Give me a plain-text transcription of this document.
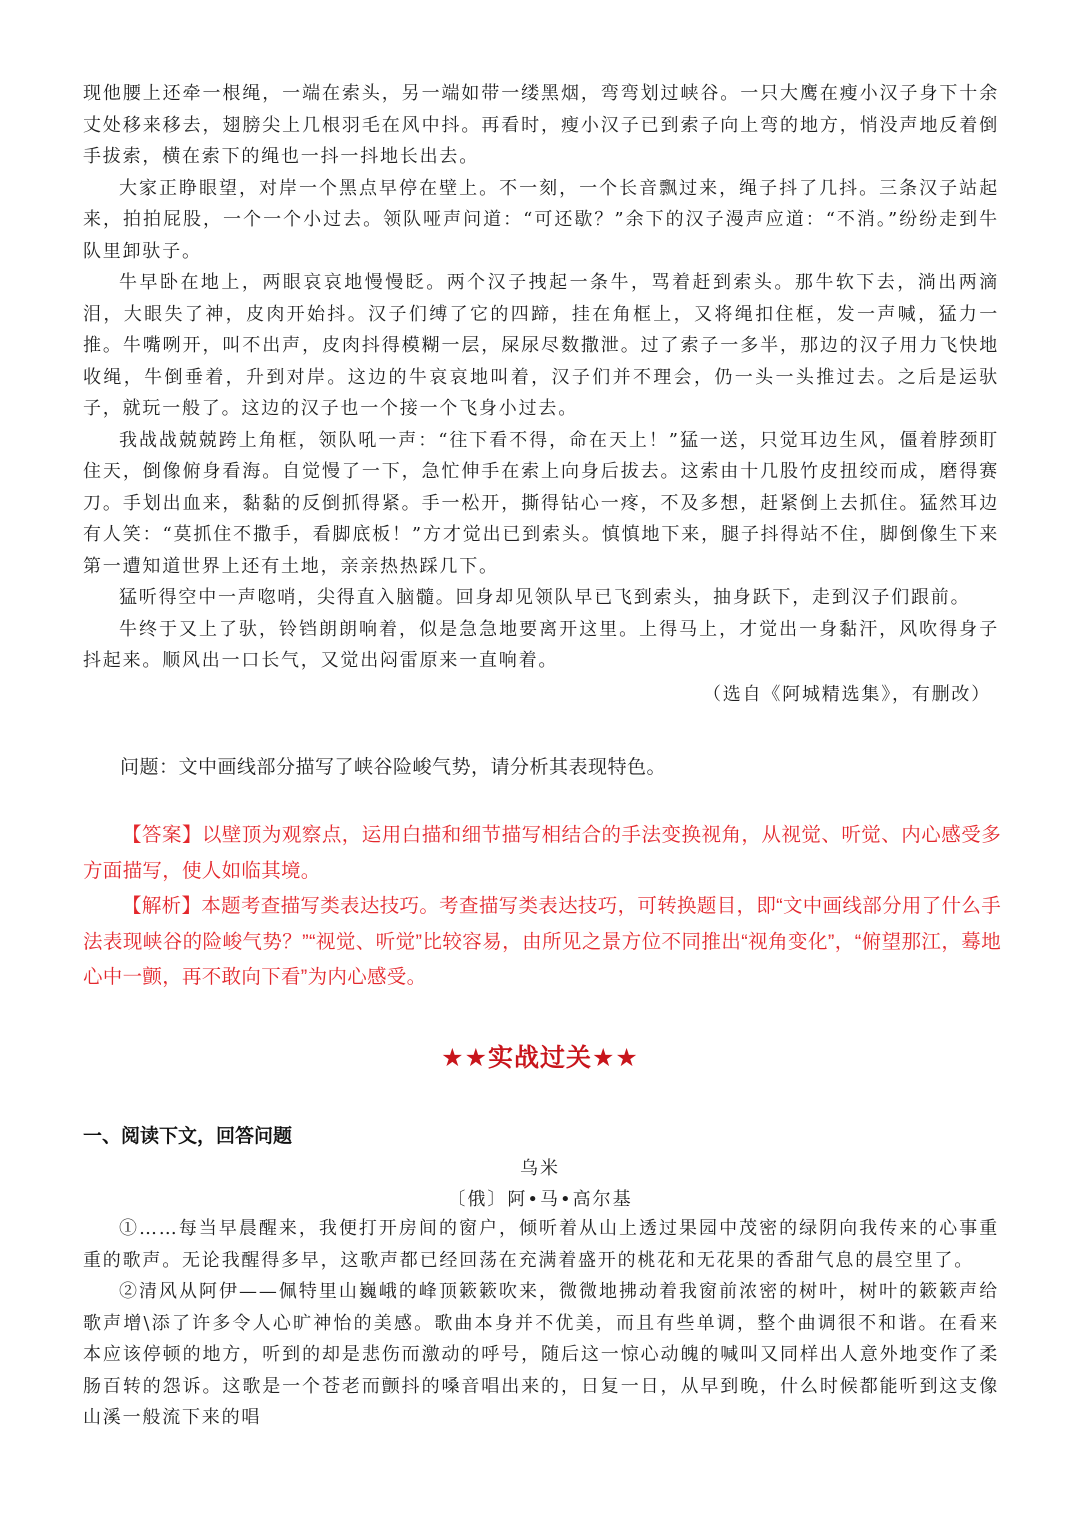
现他腰上还牵一根绳，一端在索头，另一端如带一缕黑烟，弯弯划过峡谷。一只大鹰在瘦小汉子身下十余丈处移来移去，翅膀尖上几根羽毛在风中抖。再看时，瘦小汉子已到索子向上弯的地方，悄没声地反着倒手拔索，横在索下的绳也一抖一抖地长出去。

大家正睁眼望，对岸一个黑点早停在壁上。不一刻，一个长音飘过来，绳子抖了几抖。三条汉子站起来，拍拍屁股，一个一个小过去。领队哑声问道：“可还歇？”余下的汉子漫声应道：“不消。”纷纷走到牛队里卸驮子。

牛早卧在地上，两眼哀哀地慢慢眨。两个汉子拽起一条牛，骂着赶到索头。那牛软下去，淌出两滴泪，大眼失了神，皮肉开始抖。汉子们缚了它的四蹄，挂在角框上，又将绳扣住框，发一声喊，猛力一推。牛嘴咧开，叫不出声，皮肉抖得模糊一层，屎尿尽数撒泄。过了索子一多半，那边的汉子用力飞快地收绳，牛倒垂着，升到对岸。这边的牛哀哀地叫着，汉子们并不理会，仍一头一头推过去。之后是运驮子，就玩一般了。这边的汉子也一个接一个飞身小过去。

我战战兢兢跨上角框，领队吼一声：“往下看不得，命在天上！”猛一送，只觉耳边生风，僵着脖颈盯住天，倒像俯身看海。自觉慢了一下，急忙伸手在索上向身后拔去。这索由十几股竹皮扭绞而成，磨得赛刀。手划出血来，黏黏的反倒抓得紧。手一松开，撕得钻心一疼，不及多想，赶紧倒上去抓住。猛然耳边有人笑：“莫抓住不撒手，看脚底板！”方才觉出已到索头。慎慎地下来，腿子抖得站不住，脚倒像生下来第一遭知道世界上还有土地，亲亲热热踩几下。

猛听得空中一声唿哨，尖得直入脑髓。回身却见领队早已飞到索头，抽身跃下，走到汉子们跟前。

牛终于又上了驮，铃铛朗朗响着，似是急急地要离开这里。上得马上，才觉出一身黏汗，风吹得身子抖起来。顺风出一口长气，又觉出闷雷原来一直响着。

（选自《阿城精选集》，有删改）

问题：文中画线部分描写了峡谷险峻气势，请分析其表现特色。

【答案】以壁顶为观察点，运用白描和细节描写相结合的手法变换视角，从视觉、听觉、内心感受多方面描写，使人如临其境。

【解析】本题考查描写类表达技巧。考查描写类表达技巧，可转换题目，即“文中画线部分用了什么手法表现峡谷的险峻气势？”“视觉、听觉”比较容易，由所见之景方位不同推出“视角变化”，“俯望那江，蓦地心中一颤，再不敢向下看”为内心感受。

★★实战过关★★
一、阅读下文，回答问题
乌米
〔俄〕阿•马•高尔基

①……每当早晨醒来，我便打开房间的窗户，倾听着从山上透过果园中茂密的绿阴向我传来的心事重重的歌声。无论我醒得多早，这歌声都已经回荡在充满着盛开的桃花和无花果的香甜气息的晨空里了。

②清风从阿伊——佩特里山巍峨的峰顶簌簌吹来，微微地拂动着我窗前浓密的树叶，树叶的簌簌声给歌声增\添了许多令人心旷神怡的美感。歌曲本身并不优美，而且有些单调，整个曲调很不和谐。在看来本应该停顿的地方，听到的却是悲伤而激动的呼号，随后这一惊心动魄的喊叫又同样出人意外地变作了柔肠百转的怨诉。这歌是一个苍老而颤抖的嗓音唱出来的，日复一日，从早到晚，什么时候都能听到这支像山溪一般流下来的唱
